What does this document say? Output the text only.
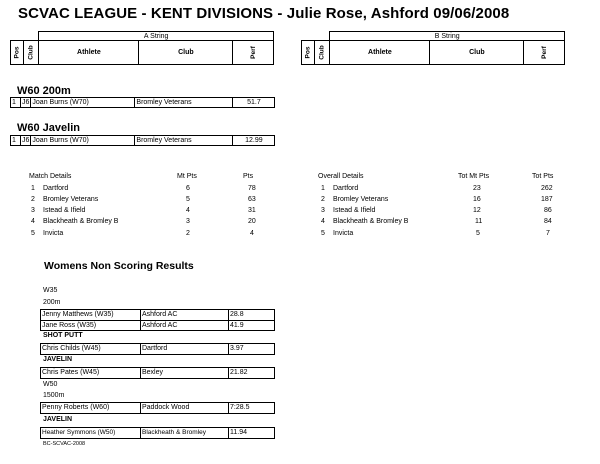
SCVAC LEAGUE - KENT DIVISIONS - Julie Rose, Ashford 09/06/2008
		A String		
Pos	Club	Athlete	Club	Perf
		B String		
Pos	Club	Athlete	Club	Perf
W60 200m
1	J6	Joan Burns (W70)	Bromley Veterans	51.7
W60 Javelin
1	J6	Joan Burns (W70)	Bromley Veterans	12.99
Match Details	Mt Pts	Pts
1 Dartford	6	78
2 Bromley Veterans	5	63
3 Istead & Ifield	4	31
4 Blackheath & Bromley B	3	20
5 Invicta	2	4
Overall Details	Tot Mt Pts	Tot Pts
1 Dartford	23	262
2 Bromley Veterans	16	187
3 Istead & Ifield	12	86
4 Blackheath & Bromley B	11	84
5 Invicta	5	7
Womens Non Scoring Results
W35
200m
Jenny Matthews (W35)	Ashford AC	28.8
Jane Ross (W35)	Ashford AC	41.9
SHOT PUTT
Chris Childs (W45)	Dartford	3.97
JAVELIN
Chris Pates (W45)	Bexley	21.82
W50
1500m
Penny Roberts (W60)	Paddock Wood	7:28.5
JAVELIN
Heather Symmons (W50)	Blackheath & Bromley	11.94
BC-SCVAC-2008
